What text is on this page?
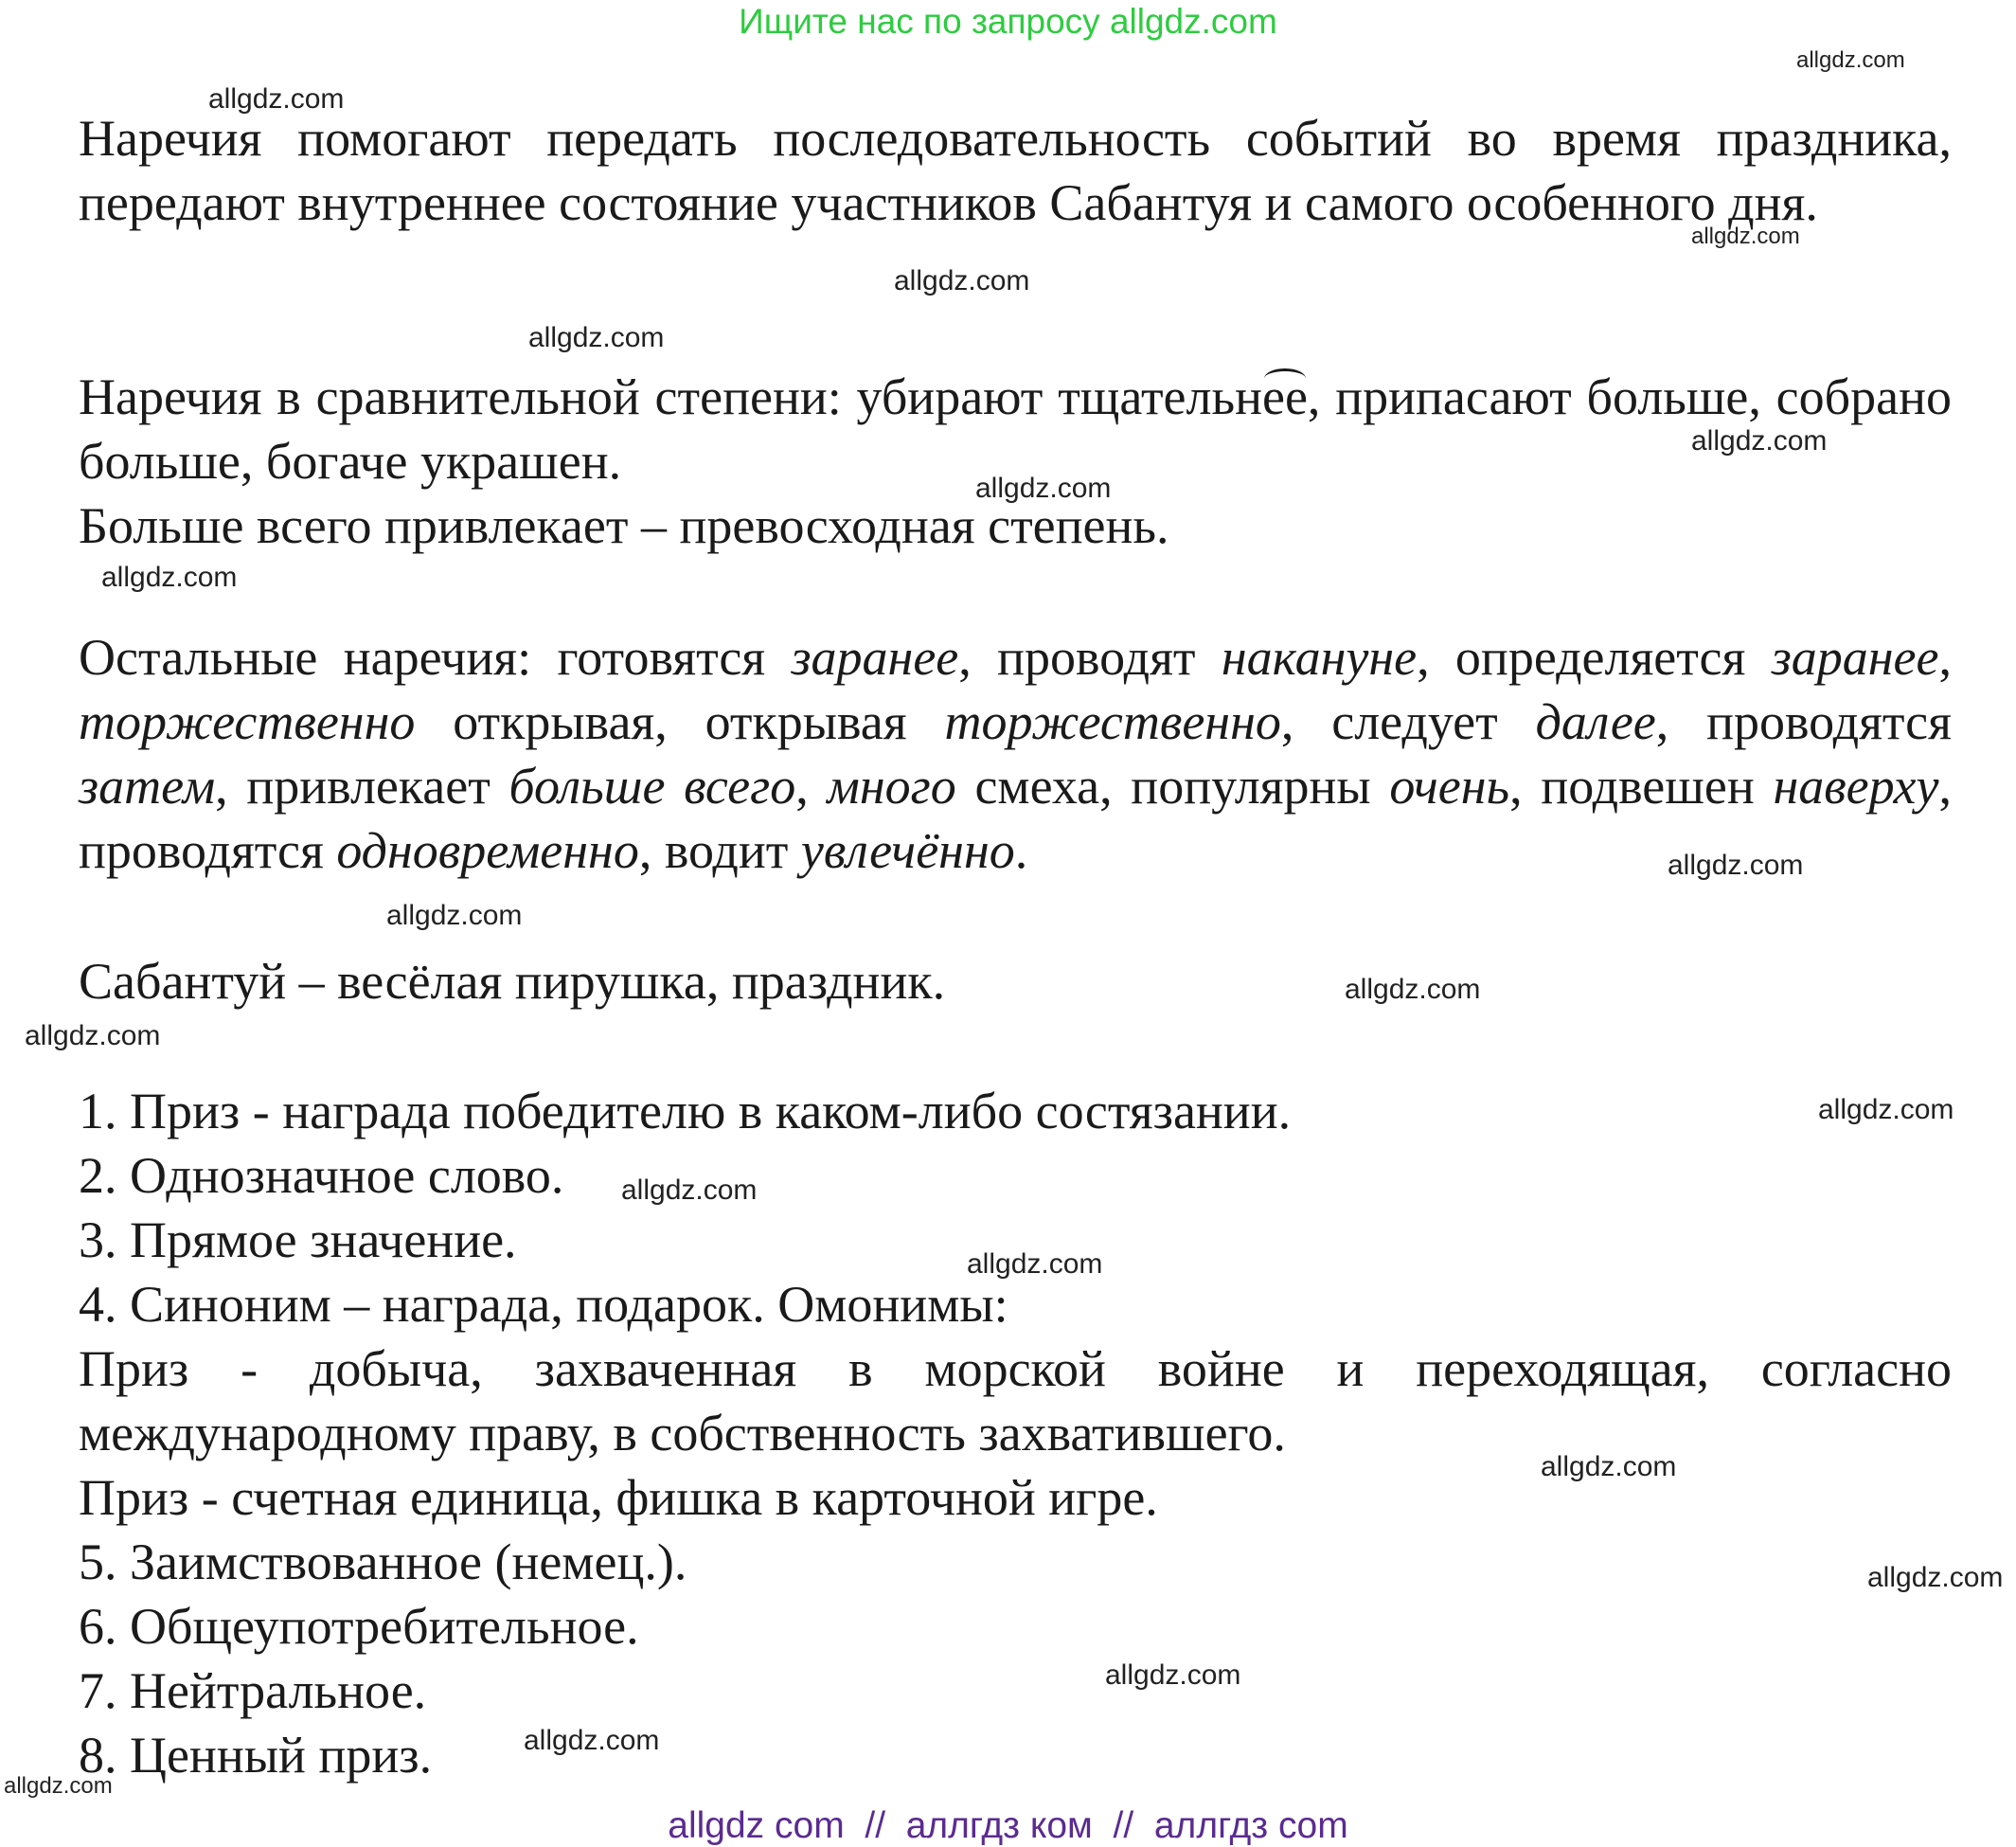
Ищите нас по запросу allgdz.com

Наречия помогают передать последовательность событий во время праздника, передают внутреннее состояние участников Сабантуя и самого особенного дня.

Наречия в сравнительной степени: убирают тщательнее, припасают больше, собрано больше, богаче украшен.

Больше всего привлекает – превосходная степень.

Остальные наречия: готовятся заранее, проводят накануне, определяется заранее, торжественно открывая, открывая торжественно, следует далее, проводятся затем, привлекает больше всего, много смеха, популярны очень, подвешен наверху, проводятся одновременно, водит увлечённо.

Сабантуй – весёлая пирушка, праздник.

1. Приз - награда победителю в каком-либо состязании.

2. Однозначное слово.

3. Прямое значение.

4. Синоним – награда, подарок. Омонимы:

Приз - добыча, захваченная в морской войне и переходящая, согласно международному праву, в собственность захватившего.

Приз - счетная единица, фишка в карточной игре.

5. Заимствованное (немец.).

6. Общеупотребительное.

7. Нейтральное.

8. Ценный приз.

allgdz.com
allgdz.com
allgdz.com
allgdz.com
allgdz.com
allgdz.com
allgdz.com
allgdz.com
allgdz.com
allgdz.com
allgdz.com
allgdz.com
allgdz.com
allgdz.com
allgdz.com
allgdz.com
allgdz.com
allgdz.com
allgdz.com
allgdz.com
allgdz com  //  аллгдз ком  //  аллгдз com
